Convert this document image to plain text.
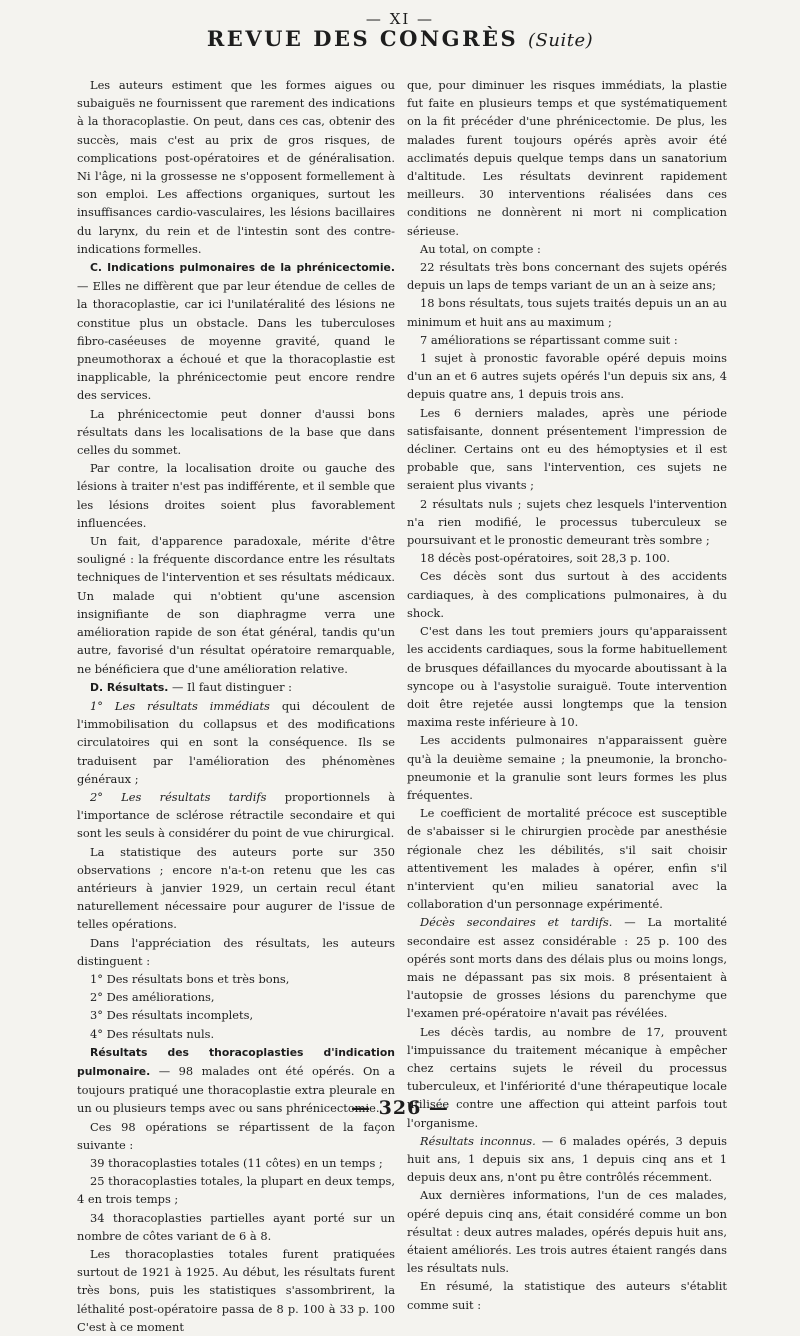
— XI —
REVUE DES CONGRÈS (Suite)

Les auteurs estiment que les formes aigues ou subaiguës ne fournissent que rarement des indications à la thoracoplastie. On peut, dans ces cas, obtenir des succès, mais c'est au prix de gros risques, de complications post-opératoires et de généralisation. Ni l'âge, ni la grossesse ne s'opposent formellement à son emploi. Les affections organiques, surtout les insuffisances cardio-vasculaires, les lésions bacillaires du larynx, du rein et de l'intestin sont des contre-indications formelles.

C. Indications pulmonaires de la phrénicectomie. — Elles ne diffèrent que par leur étendue de celles de la thoracoplastie, car ici l'unilatéralité des lésions ne constitue plus un obstacle. Dans les tuberculoses fibro-caséeuses de moyenne gravité, quand le pneumothorax a échoué et que la thoracoplastie est inapplicable, la phrénicectomie peut encore rendre des services.

La phrénicectomie peut donner d'aussi bons résultats dans les localisations de la base que dans celles du sommet.

Par contre, la localisation droite ou gauche des lésions à traiter n'est pas indifférente, et il semble que les lésions droites soient plus favorablement influencées.

Un fait, d'apparence paradoxale, mérite d'être souligné : la fréquente discordance entre les résultats techniques de l'intervention et ses résultats médicaux. Un malade qui n'obtient qu'une ascension insignifiante de son diaphragme verra une amélioration rapide de son état général, tandis qu'un autre, favorisé d'un résultat opératoire remarquable, ne bénéficiera que d'une amélioration relative.

D. Résultats. — Il faut distinguer :

1° Les résultats immédiats qui découlent de l'immobilisation du collapsus et des modifications circulatoires qui en sont la conséquence. Ils se traduisent par l'amélioration des phénomènes généraux ;

2° Les résultats tardifs proportionnels à l'importance de sclérose rétractile secondaire et qui sont les seuls à considérer du point de vue chirurgical.

La statistique des auteurs porte sur 350 observations ; encore n'a-t-on retenu que les cas antérieurs à janvier 1929, un certain recul étant naturellement nécessaire pour augurer de l'issue de telles opérations.

Dans l'appréciation des résultats, les auteurs distinguent :

1° Des résultats bons et très bons,

2° Des améliorations,

3° Des résultats incomplets,

4° Des résultats nuls.

Résultats des thoracoplasties d'indication pulmonaire. — 98 malades ont été opérés. On a toujours pratiqué une thoracoplastie extra pleurale en un ou plusieurs temps avec ou sans phrénicectomie.

Ces 98 opérations se répartissent de la façon suivante :

39 thoracoplasties totales (11 côtes) en un temps ;

25 thoracoplasties totales, la plupart en deux temps, 4 en trois temps ;

34 thoracoplasties partielles ayant porté sur un nombre de côtes variant de 6 à 8.

Les thoracoplasties totales furent pratiquées surtout de 1921 à 1925. Au début, les résultats furent très bons, puis les statistiques s'assombrirent, la léthalité post-opératoire passa de 8 p. 100 à 33 p. 100 C'est à ce moment

que, pour diminuer les risques immédiats, la plastie fut faite en plusieurs temps et que systématiquement on la fit précéder d'une phrénicectomie. De plus, les malades furent toujours opérés après avoir été acclimatés depuis quelque temps dans un sanatorium d'altitude. Les résultats devinrent rapidement meilleurs. 30 interventions réalisées dans ces conditions ne donnèrent ni mort ni complication sérieuse.

Au total, on compte :

22 résultats très bons concernant des sujets opérés depuis un laps de temps variant de un an à seize ans;

18 bons résultats, tous sujets traités depuis un an au minimum et huit ans au maximum ;

7 améliorations se répartissant comme suit :

1 sujet à pronostic favorable opéré depuis moins d'un an et 6 autres sujets opérés l'un depuis six ans, 4 depuis quatre ans, 1 depuis trois ans.

Les 6 derniers malades, après une période satisfaisante, donnent présentement l'impression de décliner. Certains ont eu des hémoptysies et il est probable que, sans l'intervention, ces sujets ne seraient plus vivants ;

2 résultats nuls ; sujets chez lesquels l'intervention n'a rien modifié, le processus tuberculeux se poursuivant et le pronostic demeurant très sombre ;

18 décès post-opératoires, soit 28,3 p. 100.

Ces décès sont dus surtout à des accidents cardiaques, à des complications pulmonaires, à du shock.

C'est dans les tout premiers jours qu'apparaissent les accidents cardiaques, sous la forme habituellement de brusques défaillances du myocarde aboutissant à la syncope ou à l'asystolie suraiguë. Toute intervention doit être rejetée aussi longtemps que la tension maxima reste inférieure à 10.

Les accidents pulmonaires n'apparaissent guère qu'à la deuième semaine ; la pneumonie, la broncho-pneumonie et la granulie sont leurs formes les plus fréquentes.

Le coefficient de mortalité précoce est susceptible de s'abaisser si le chirurgien procède par anesthésie régionale chez les débilités, s'il sait choisir attentivement les malades à opérer, enfin s'il n'intervient qu'en milieu sanatorial avec la collaboration d'un personnage expérimenté.

Décès secondaires et tardifs. — La mortalité secondaire est assez considérable : 25 p. 100 des opérés sont morts dans des délais plus ou moins longs, mais ne dépassant pas six mois. 8 présentaient à l'autopsie de grosses lésions du parenchyme que l'examen pré-opératoire n'avait pas révélées.

Les décès tardis, au nombre de 17, prouvent l'impuissance du traitement mécanique à empêcher chez certains sujets le réveil du processus tuberculeux, et l'infériorité d'une thérapeutique locale utilisée contre une affection qui atteint parfois tout l'organisme.

Résultats inconnus. — 6 malades opérés, 3 depuis huit ans, 1 depuis six ans, 1 depuis cinq ans et 1 depuis deux ans, n'ont pu être contrôlés récemment.

Aux dernières informations, l'un de ces malades, opéré depuis cinq ans, était considéré comme un bon résultat : deux autres malades, opérés depuis huit ans, étaient améliorés. Les trois autres étaient rangés dans les résultats nuls.

En résumé, la statistique des auteurs s'établit comme suit :

— 326 —
